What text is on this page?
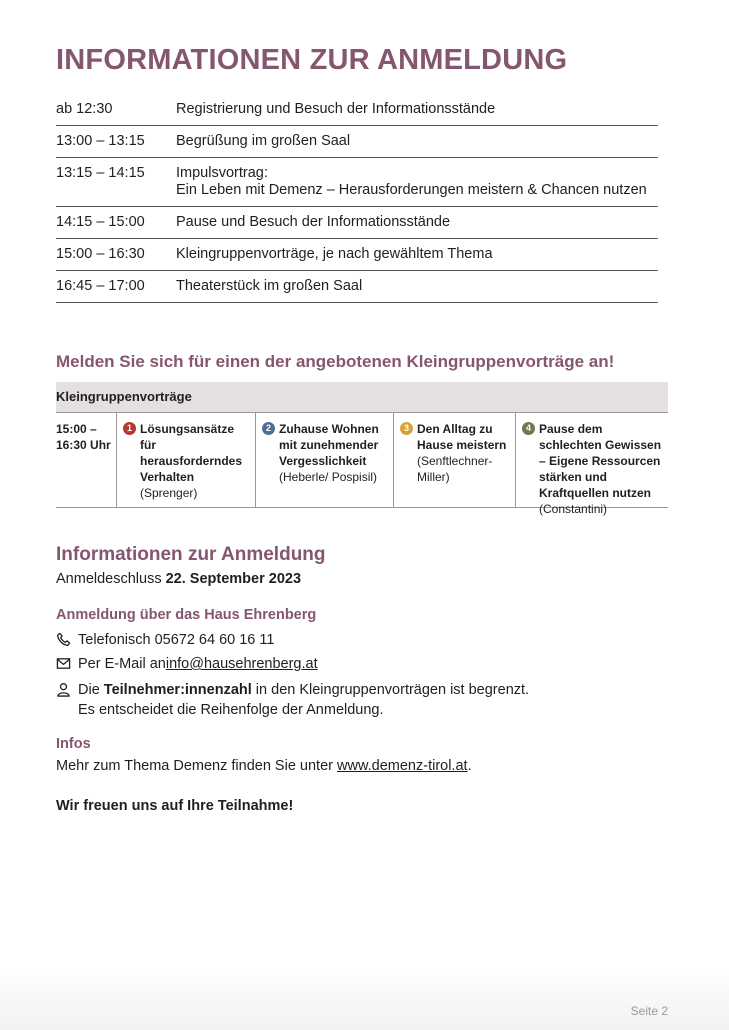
INFORMATIONEN ZUR ANMELDUNG
ab 12:30	Registrierung und Besuch der Informationsstände
13:00 – 13:15	Begrüßung im großen Saal
13:15 – 14:15	Impulsvortrag:
Ein Leben mit Demenz – Herausforderungen meistern & Chancen nutzen
14:15 – 15:00	Pause und Besuch der Informationsstände
15:00 – 16:30	Kleingruppenvorträge, je nach gewähltem Thema
16:45 – 17:00	Theaterstück im großen Saal
Melden Sie sich für einen der angebotenen Kleingruppenvorträge an!
Kleingruppenvorträge
15:00 –
16:30 Uhr
1 Lösungsansätze für herausforderndes Verhalten
(Sprenger)
2 Zuhause Wohnen mit zunehmender Vergesslichkeit
(Heberle/ Pospisil)
3 Den Alltag zu Hause meistern
(Senftlechner-Miller)
4 Pause dem schlechten Gewissen – Eigene Ressourcen stärken und Kraftquellen nutzen (Constantini)
Informationen zur Anmeldung
Anmeldeschluss 22. September 2023
Anmeldung über das Haus Ehrenberg
Telefonisch 05672 64 60 16 11
Per E-Mail an info@hausehrenberg.at
Die Teilnehmer:innenzahl in den Kleingruppenvorträgen ist begrenzt.
Es entscheidet die Reihenfolge der Anmeldung.
Infos
Mehr zum Thema Demenz finden Sie unter www.demenz-tirol.at.
Wir freuen uns auf Ihre Teilnahme!
Seite 2
